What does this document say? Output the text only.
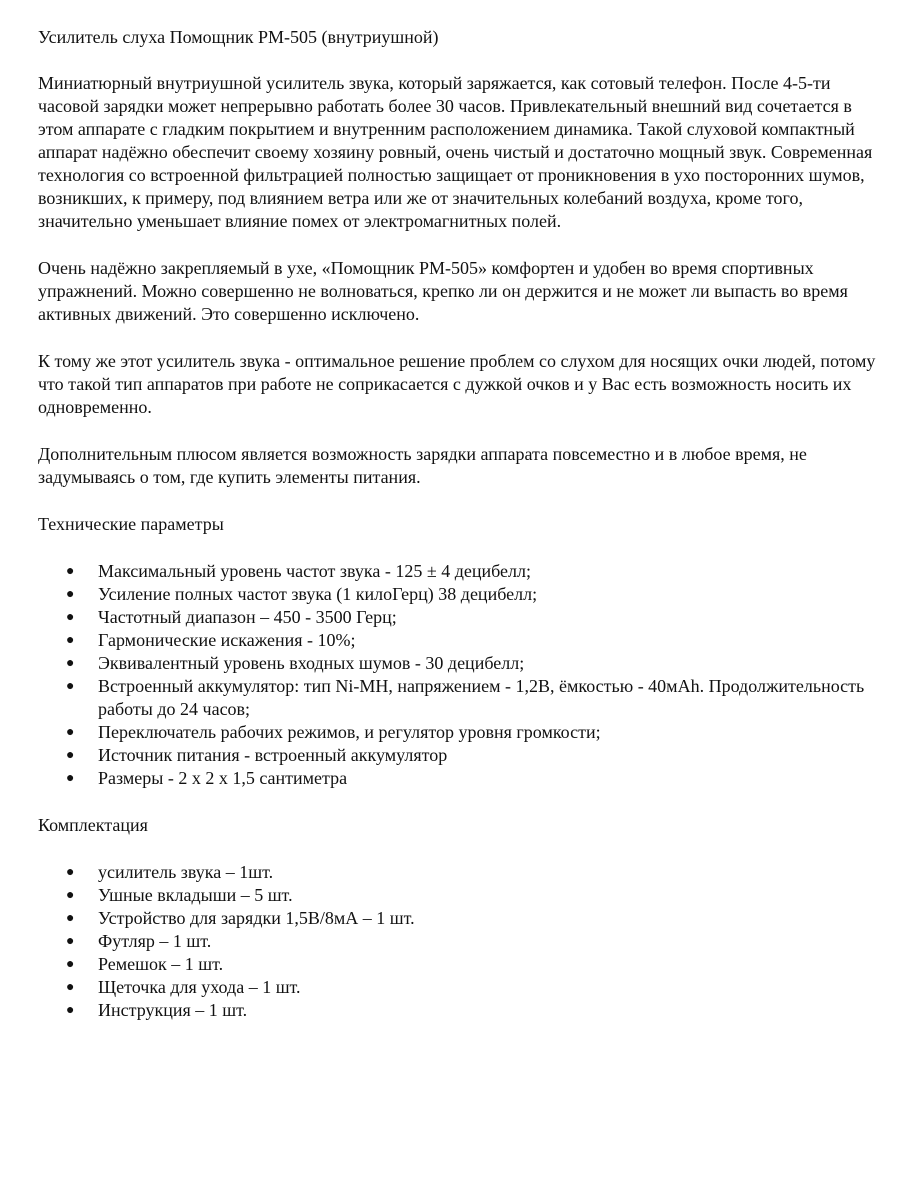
Усилитель слуха Помощник РМ-505 (внутриушной)

Миниатюрный внутриушной усилитель звука, который заряжается, как сотовый телефон. После 4-5-ти часовой зарядки может непрерывно работать более 30 часов. Привлекательный внешний вид сочетается в этом аппарате с гладким покрытием и внутренним расположением динамика. Такой слуховой компактный аппарат надёжно обеспечит своему хозяину ровный, очень чистый и достаточно мощный звук. Современная технология со встроенной фильтрацией полностью защищает от проникновения в ухо посторонних шумов, возникших, к примеру, под влиянием ветра или же от значительных колебаний воздуха, кроме того, значительно уменьшает влияние помех от электромагнитных полей.

Очень надёжно закрепляемый в ухе, «Помощник РМ-505» комфортен и удобен во время спортивных упражнений. Можно совершенно не волноваться, крепко ли он держится и не может ли выпасть во время активных движений. Это совершенно исключено.

К тому же этот усилитель звука - оптимальное решение проблем со слухом для носящих очки людей, потому что такой тип аппаратов при работе не соприкасается с дужкой очков и у Вас есть возможность носить их одновременно.

Дополнительным плюсом является возможность зарядки аппарата повсеместно и в любое время, не задумываясь о том, где купить элементы питания.

Технические параметры

● Максимальный уровень частот звука - 125 ± 4 децибелл;
● Усиление полных частот звука (1 килоГерц) 38 децибелл;
● Частотный диапазон – 450 - 3500 Герц;
● Гармонические искажения - 10%;
● Эквивалентный уровень входных шумов - 30 децибелл;
● Встроенный аккумулятор: тип Ni-MH, напряжением - 1,2В, ёмкостью - 40мАh. Продолжительность работы до 24 часов;
● Переключатель рабочих режимов, и регулятор уровня громкости;
● Источник питания - встроенный аккумулятор
● Размеры - 2 х 2 х 1,5 сантиметра

Комплектация

● усилитель звука – 1шт.
● Ушные вкладыши – 5 шт.
● Устройство для зарядки 1,5В/8мА – 1 шт.
● Футляр – 1 шт.
● Ремешок – 1 шт.
● Щеточка для ухода – 1 шт.
● Инструкция – 1 шт.
